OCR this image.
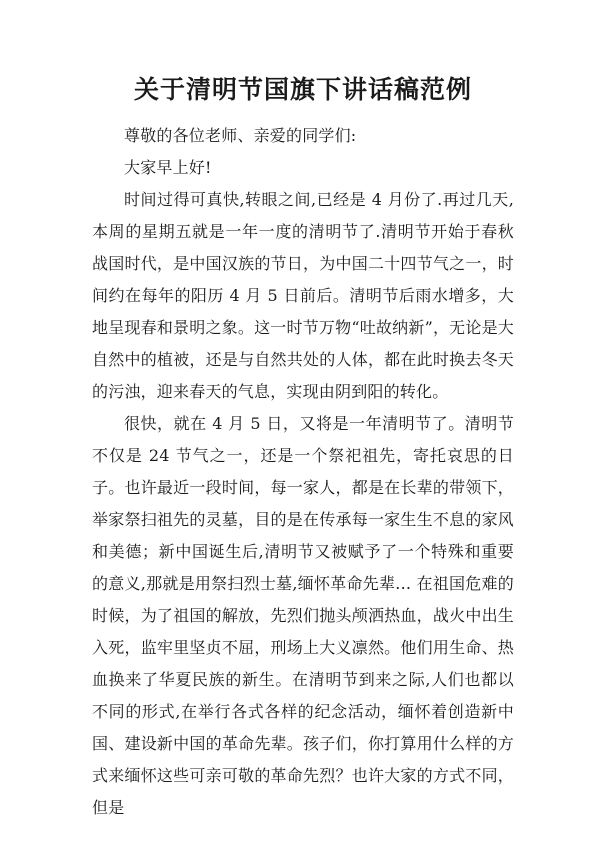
关于清明节国旗下讲话稿范例

尊敬的各位老师、亲爱的同学们:

大家早上好!

时间过得可真快,转眼之间,已经是 4 月份了.再过几天,本周的星期五就是一年一度的清明节了.清明节开始于春秋战国时代，是中国汉族的节日，为中国二十四节气之一，时间约在每年的阳历 4 月 5 日前后。清明节后雨水增多，大地呈现春和景明之象。这一时节万物“吐故纳新”，无论是大自然中的植被，还是与自然共处的人体，都在此时换去冬天的污浊，迎来春天的气息，实现由阴到阳的转化。

很快，就在 4 月 5 日，又将是一年清明节了。清明节不仅是 24 节气之一，还是一个祭祀祖先，寄托哀思的日子。也许最近一段时间，每一家人，都是在长辈的带领下，举家祭扫祖先的灵墓，目的是在传承每一家生生不息的家风和美德；新中国诞生后,清明节又被赋予了一个特殊和重要的意义,那就是用祭扫烈士墓,缅怀革命先辈... 在祖国危难的时候，为了祖国的解放，先烈们抛头颅洒热血，战火中出生入死，监牢里坚贞不屈，刑场上大义凛然。他们用生命、热血换来了华夏民族的新生。在清明节到来之际,人们也都以不同的形式,在举行各式各样的纪念活动，缅怀着创造新中国、建设新中国的革命先辈。孩子们，你打算用什么样的方式来缅怀这些可亲可敬的革命先烈？也许大家的方式不同，但是
